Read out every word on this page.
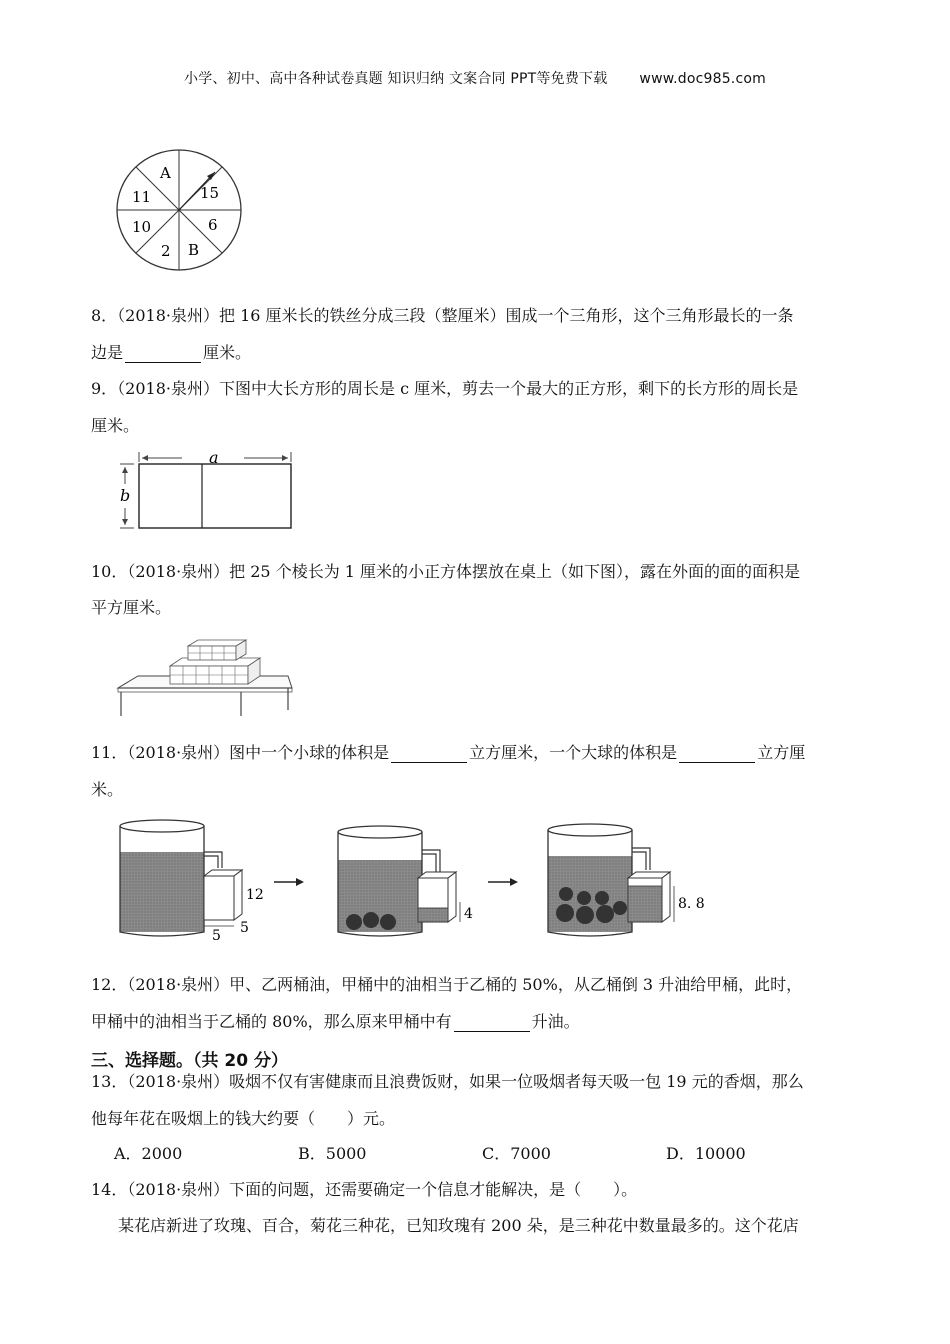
小学、初中、高中各种试卷真题 知识归纳 文案合同 PPT等免费下载 www.doc985.com
A
15
6
B
2
10
11
8．（2018·泉州）把 16 厘米长的铁丝分成三段（整厘米）围成一个三角形，这个三角形最长的一条
边是	厘米。
9．（2018·泉州）下图中大长方形的周长是 c 厘米，剪去一个最大的正方形，剩下的长方形的周长是
厘米。
a
b
10．（2018·泉州）把 25 个棱长为 1 厘米的小正方体摆放在桌上（如下图），露在外面的面的面积是
平方厘米。
11．（2018·泉州）图中一个小球的体积是	立方厘米，一个大球的体积是	立方厘
米。
12
5 5
4
8. 8
12．（2018·泉州）甲、乙两桶油，甲桶中的油相当于乙桶的 50%，从乙桶倒 3 升油给甲桶，此时，
甲桶中的油相当于乙桶的 80%，那么原来甲桶中有	升油。
三、选择题。（共 20 分）
13．（2018·泉州）吸烟不仅有害健康而且浪费饭财，如果一位吸烟者每天吸一包 19 元的香烟，那么
他每年花在吸烟上的钱大约要（　　）元。
A．2000	B．5000	C．7000	D．10000
14．（2018·泉州）下面的问题，还需要确定一个信息才能解决，是（　　）。
某花店新进了玫瑰、百合，菊花三种花，已知玫瑰有 200 朵，是三种花中数量最多的。这个花店
